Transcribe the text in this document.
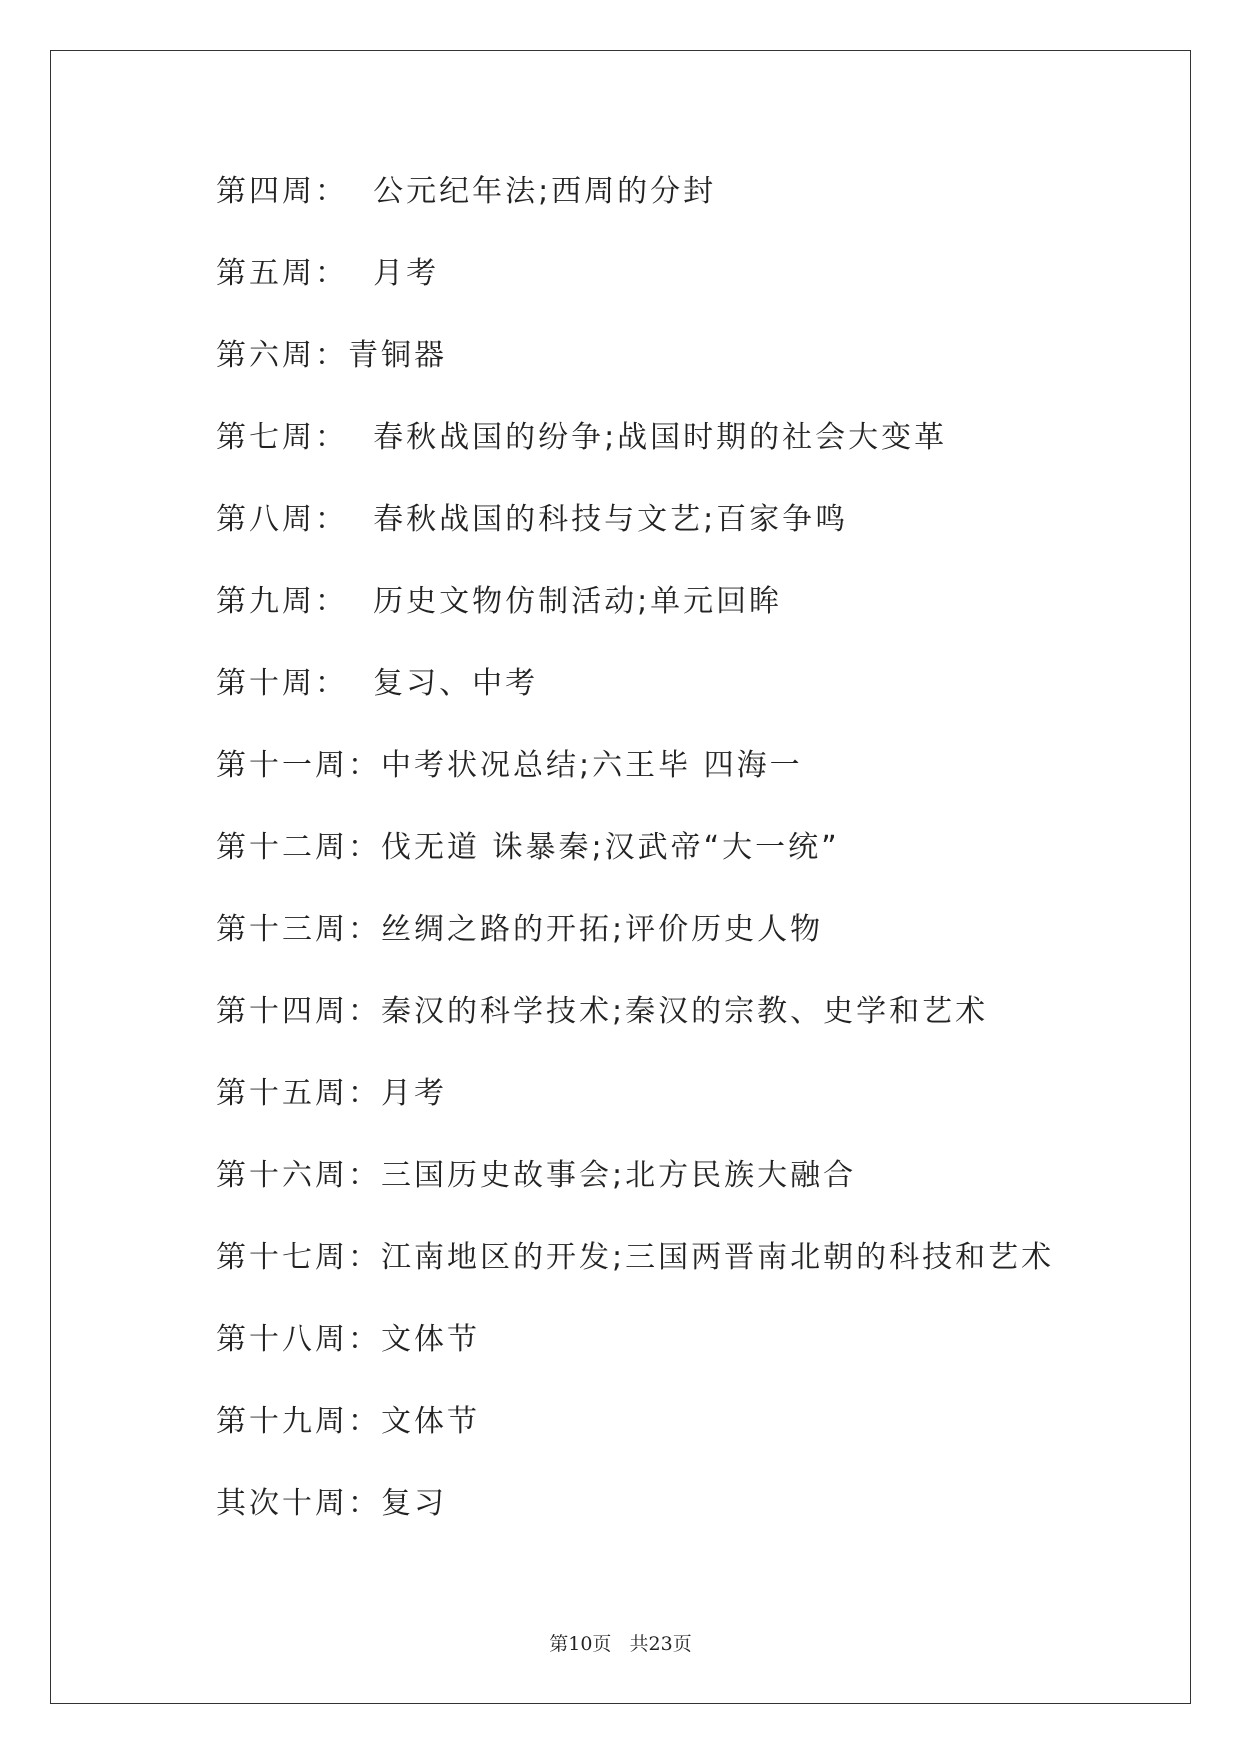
第四周：  公元纪年法;西周的分封
第五周：  月考
第六周：青铜器
第七周：  春秋战国的纷争;战国时期的社会大变革
第八周：  春秋战国的科技与文艺;百家争鸣
第九周：  历史文物仿制活动;单元回眸
第十周：  复习、中考
第十一周：中考状况总结;六王毕 四海一
第十二周：伐无道 诛暴秦;汉武帝“大一统”
第十三周：丝绸之路的开拓;评价历史人物
第十四周：秦汉的科学技术;秦汉的宗教、史学和艺术
第十五周：月考
第十六周：三国历史故事会;北方民族大融合
第十七周：江南地区的开发;三国两晋南北朝的科技和艺术
第十八周：文体节
第十九周：文体节
其次十周：复习
第10页   共23页
